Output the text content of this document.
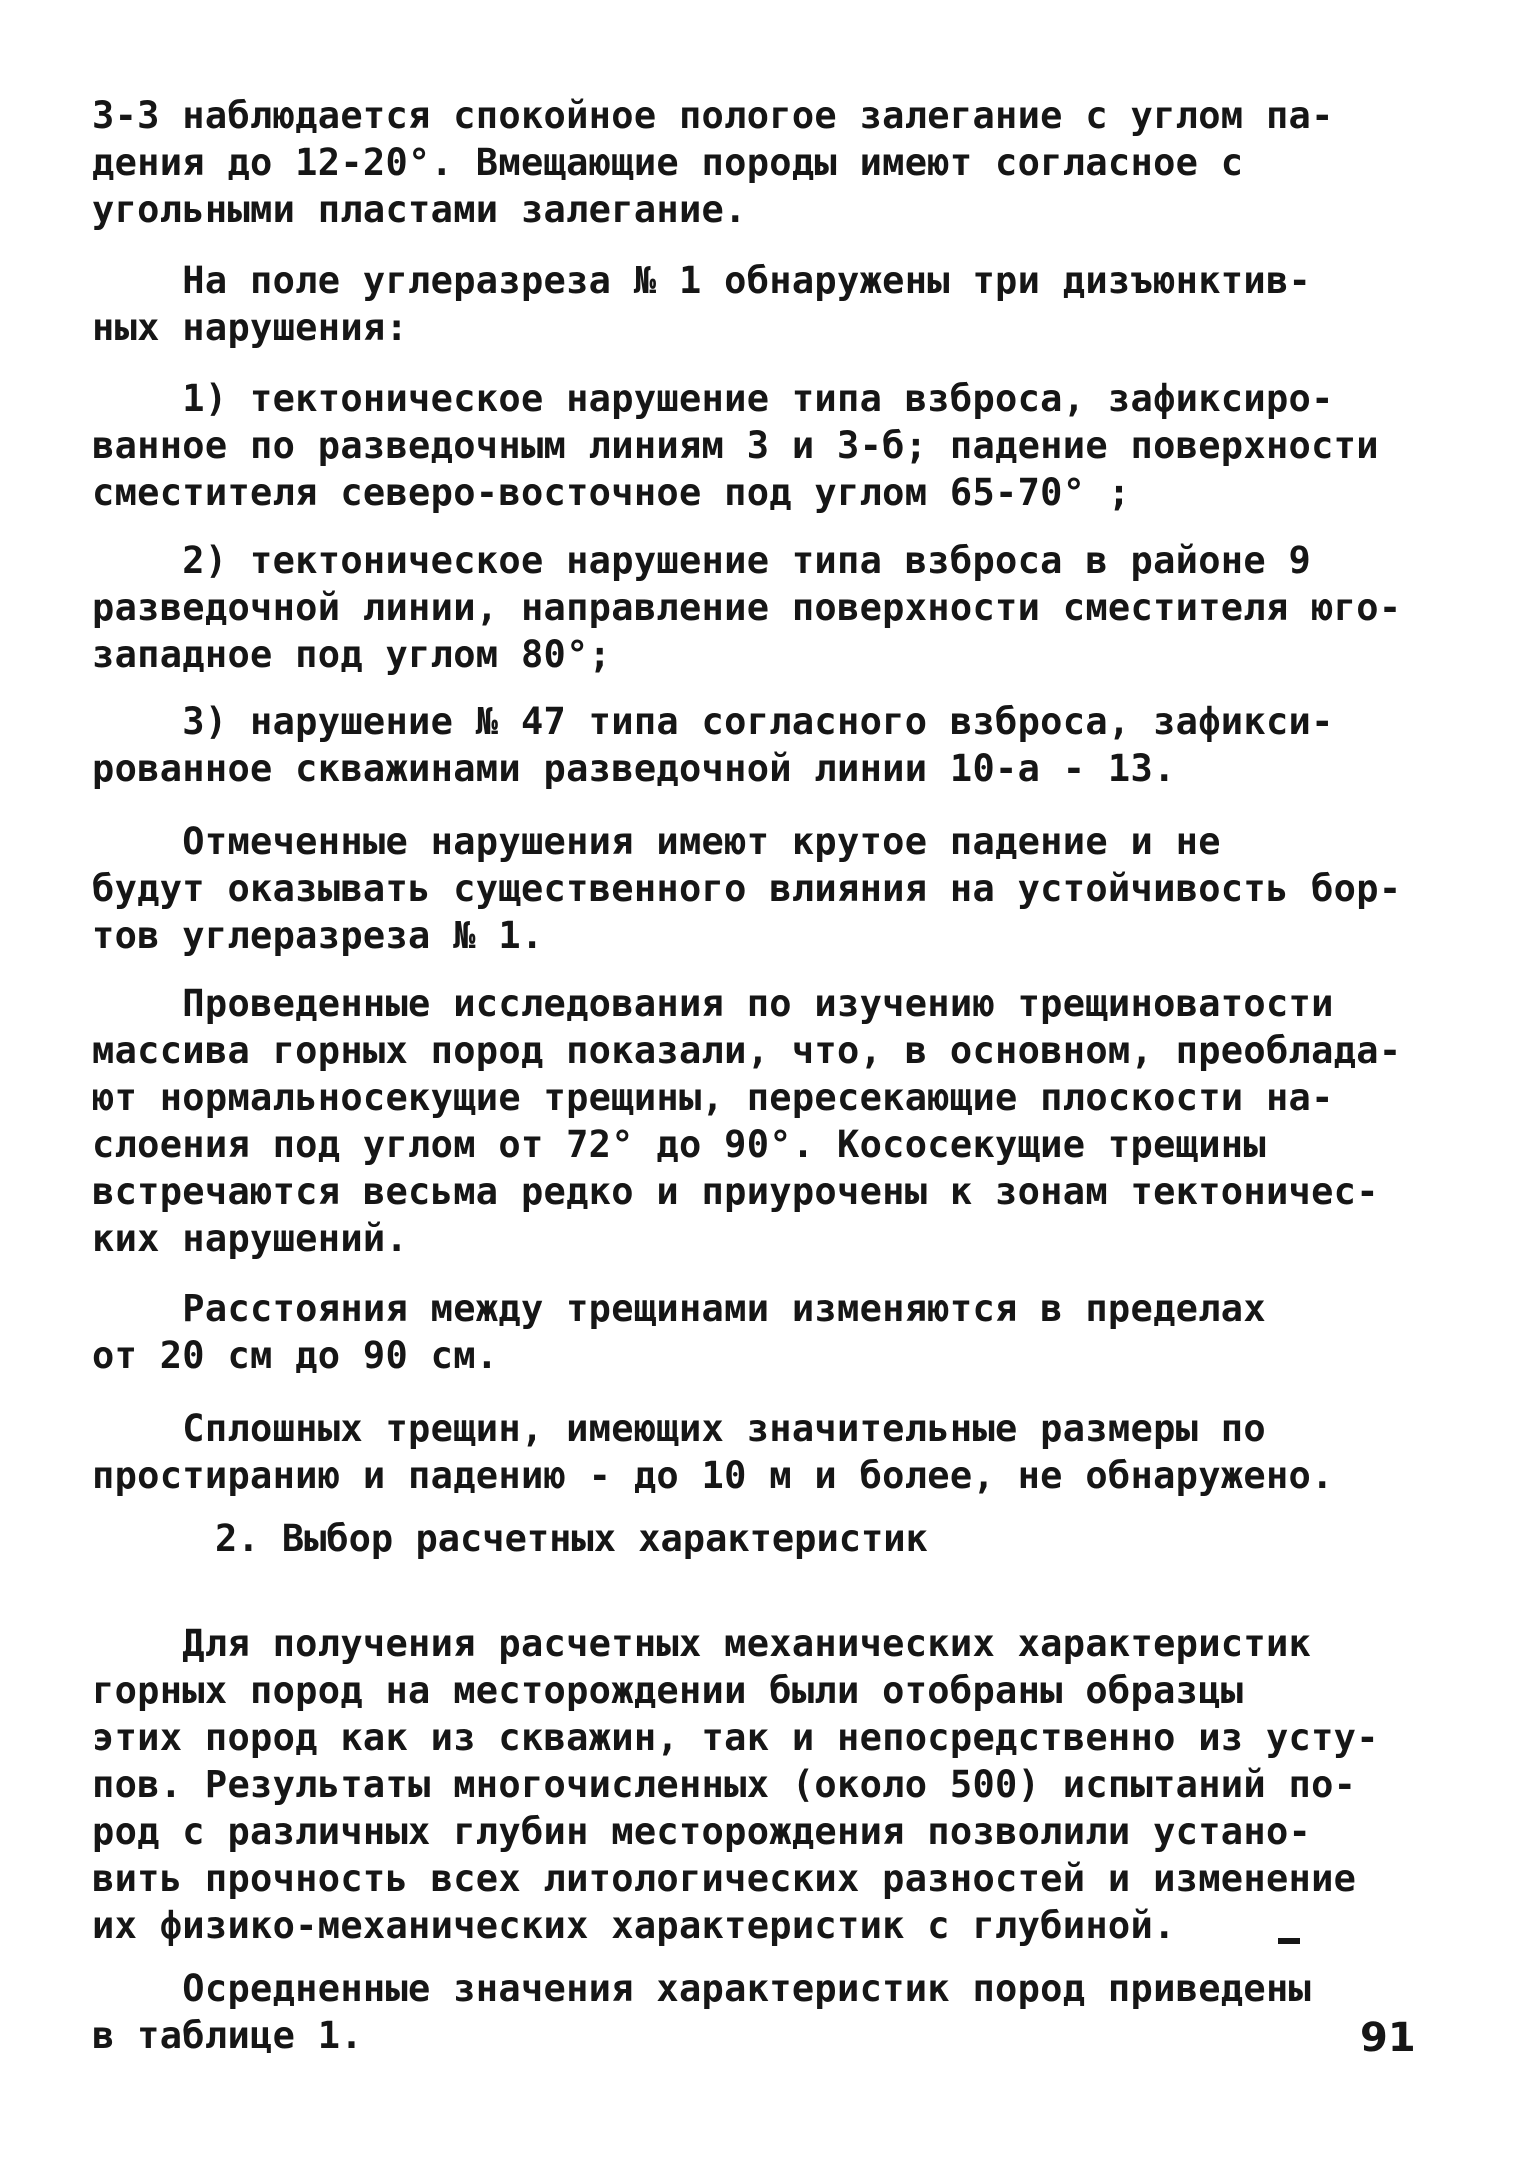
3-3 наблюдается спокойное пологое залегание с углом па-
дения до 12-20°. Вмещающие породы имеют согласное с
угольными пластами залегание.
На поле углеразреза № 1 обнаружены три дизъюнктив-
ных нарушения:
1) тектоническое нарушение типа взброса, зафиксиро-
ванное по разведочным линиям 3 и 3-б; падение поверхности
сместителя северо-восточное под углом 65-70° ;
2) тектоническое нарушение типа взброса в районе 9
разведочной линии, направление поверхности сместителя юго-
западное под углом 80°;
3) нарушение № 47 типа согласного взброса, зафикси-
рованное скважинами разведочной линии 10-а - 13.
Отмеченные нарушения имеют крутое падение и не
будут оказывать существенного влияния на устойчивость бор-
тов углеразреза № 1.
Проведенные исследования по изучению трещиноватости
массива горных пород показали, что, в основном, преоблада-
ют нормальносекущие трещины, пересекающие плоскости на-
слоения под углом от 72° до 90°. Кососекущие трещины
встречаются весьма редко и приурочены к зонам тектоничес-
ких нарушений.
Расстояния между трещинами изменяются в пределах
от 20 см до 90 см.
Сплошных трещин, имеющих значительные размеры по
простиранию и падению - до 10 м и более, не обнаружено.
Для получения расчетных механических характеристик
горных пород на месторождении были отобраны образцы
этих пород как из скважин, так и непосредственно из усту-
пов. Результаты многочисленных (около 500) испытаний по-
род с различных глубин месторождения позволили устано-
вить прочность всех литологических разностей и изменение
их физико-механических характеристик с глубиной.
Осредненные значения характеристик пород приведены
в таблице 1.
2. Выбор расчетных характеристик
91
